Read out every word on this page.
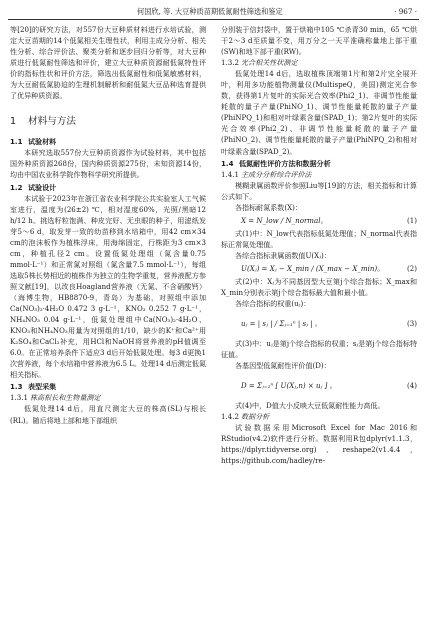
何国欣, 等. 大豆种质苗期低氮耐性筛选和鉴定	· 967 ·

等[20]的研究方法，对557份大豆种质材料进行水培试验，测定大豆苗期的14个低氮相关生理性状，利用主成分分析、相关性分析、综合评价法、聚类分析和逐步回归分析等，对大豆种质进行低氮耐性筛选和评价，建立大豆种质资源耐低氮特性评价的指标性状和评价方法，筛选出低氮耐性和低氮敏感材料，为大豆耐低氮胁迫的生理机制解析和耐低氮大豆品种选育提供了优异种质资源。

1 材料与方法
1.1 试验材料

本研究选取557份大豆种质资源作为试验材料，其中包括国外种质资源268份，国内种质资源275份，未知资源14份，均由中国农业科学院作物科学研究所提供。

1.2 试验设计

本试验于2023年在浙江省农业科学院公共实验室人工气候室进行，温度为(26±2) ℃，相对湿度60%，光照/黑暗12 h/12 h。挑选籽粒饱满、种皮完好、无虫眼的种子，用滤纸发芽5～6 d，取发芽一致的幼苗移到水培箱中，用42 cm×34 cm的泡沫板作为植株浮床，用海绵固定，行株距为3 cm×3 cm，种植孔径2 cm。设置低氮处理组（氮含量0.75 mmol·L⁻¹）和正常氮对照组（氮含量7.5 mmol·L⁻¹），每组选取5株长势相近的植株作为独立的生物学重复，营养液配方参照文献[19]，以改良Hoagland营养液（无氮、不含硝酸钙）（海博生物，HB8870-9，青岛）为基础，对照组中添加Ca(NO₃)₂·4H₂O 0.472 3 g·L⁻¹，KNO₃ 0.252 7 g·L⁻¹，NH₄NO₃ 0.04 g·L⁻¹，低氮处理组中Ca(NO₃)₂·4H₂O、KNO₃和NH₄NO₃用量为对照组的1/10，缺少的K⁺和Ca²⁺用K₂SO₄和CaCl₂补充，用HCl和NaOH将营养液的pH值调至6.0。在正常培养条件下适应3 d后开始低氮处理。每3 d更换1次营养液，每个水培箱中营养液为6.5 L。处理14 d后测定低氮相关指标。

1.3 表型采集
1.3.1 株高根长和生物量测定

低氮处理14 d后，用直尺测定大豆的株高(SL)与根长(RL)。随后将地上部和地下部组织

分别装于信封袋中，置于烘箱中105 ℃杀青30 min，65 ℃烘干2～3 d至质量不变，用万分之一天平准确称量地上部干重(SW)和地下部干重(RW)。

1.3.2 光合相关性状测定

低氮处理14 d后，选取植株顶端第1片和第2片完全展开叶，利用多功能植物测量仪(MultispeQ，美国)测定光合参数，获得第1片复叶的实际光合效率(Phi2_1)、非调节性能量耗散的量子产量(PhiNO_1)、调节性能量耗散的量子产量(PhiNPQ_1)和相对叶绿素含量(SPAD_1)；第2片复叶的实际光合效率(Phi2_2)、非调节性能量耗散的量子产量(PhiNO_2)、调节性能量耗散的量子产量(PhiNPQ_2)和相对叶绿素含量(SPAD_2)。

1.4 低氮耐性评价方法和数据分析
1.4.1 主成分分析综合评价法

模糊隶属函数评价参照Liu等[19]的方法，相关指标和计算公式如下。

各指标耐氮系数(X)：

X = N_low / N_normal。	(1)

式(1)中：N_low代表指标低氮处理值；N_normal代表指标正常氮处理值。

各综合指标隶属函数值U(Xⱼ)：

U(Xⱼ) = Xⱼ − X_min / (X_max − X_min)。	(2)

式(2)中：Xⱼ为不同基因型大豆第j个综合指标；X_max和X_min分别表示第j个综合指标最大值和最小值。

各综合指标的权重(uⱼ)：

uⱼ = | sⱼ | / Σⱼ₌₁ⁿ | sⱼ | 。	(3)

式(3)中：uⱼ是第j个综合指标的权重；sⱼ是第j个综合指标特征值。

各基因型低氮耐性评价值(D)：

D = Σⱼ₌₁ⁿ [ U(Xⱼ,n) × uⱼ ] 。	(4)

式(4)中，D值大小反映大豆低氮耐性能力高低。

1.4.2 数据分析

试验数据采用Microsoft Excel for Mac 2016和RStudio(v4.2)软件进行分析。数据利用R包dplyr(v1.1.3，https://dplyr.tidyverse.org)、reshape2(v1.4.4，https://github.com/hadley/re-
